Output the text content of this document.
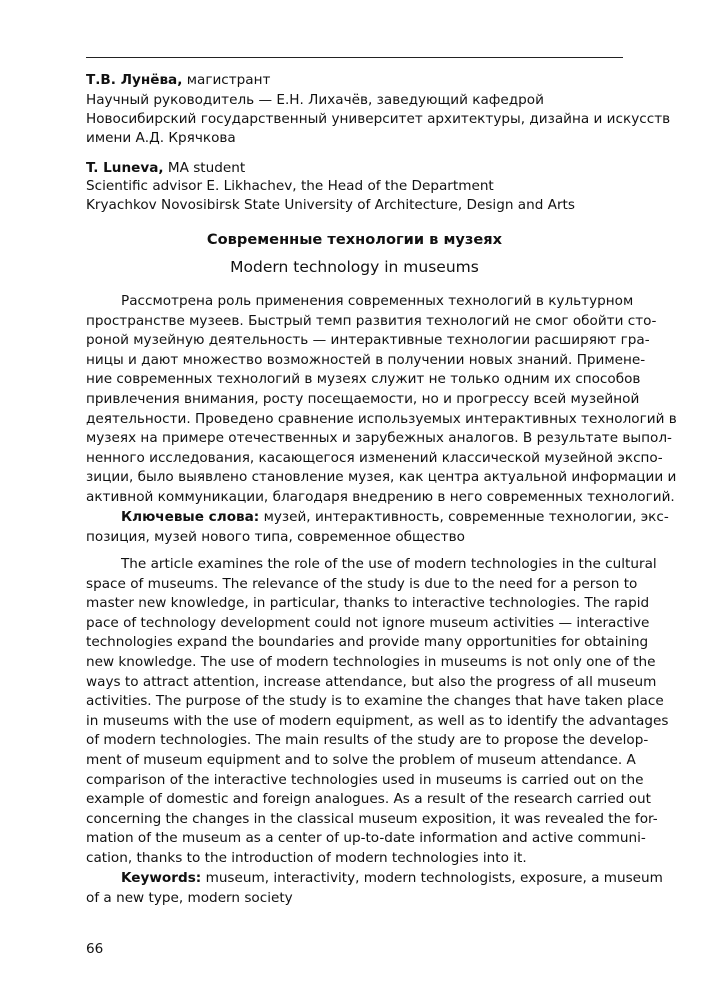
Т.В. Лунёва, магистрант
Научный руководитель — Е.Н. Лихачёв, заведующий кафедрой
Новосибирский государственный университет архитектуры, дизайна и искусств
имени А.Д. Крячкова
T. Luneva, MA student
Scientific advisor E. Likhachev, the Head of the Department
Kryachkov Novosibirsk State University of Architecture, Design and Arts
Современные технологии в музеях
Modern technology in museums
Рассмотрена роль применения современных технологий в культурном
пространстве музеев. Быстрый темп развития технологий не смог обойти сто-
роной музейную деятельность — интерактивные технологии расширяют гра-
ницы и дают множество возможностей в получении новых знаний. Примене-
ние современных технологий в музеях служит не только одним их способов
привлечения внимания, росту посещаемости, но и прогрессу всей музейной
деятельности. Проведено сравнение используемых интерактивных технологий в
музеях на примере отечественных и зарубежных аналогов. В результате выпол-
ненного исследования, касающегося изменений классической музейной экспо-
зиции, было выявлено становление музея, как центра актуальной информации и
активной коммуникации, благодаря внедрению в него современных технологий.
Ключевые слова: музей, интерактивность, современные технологии, экс-
позиция, музей нового типа, современное общество
The article examines the role of the use of modern technologies in the cultural
space of museums. The relevance of the study is due to the need for a person to
master new knowledge, in particular, thanks to interactive technologies. The rapid
pace of technology development could not ignore museum activities — interactive
technologies expand the boundaries and provide many opportunities for obtaining
new knowledge. The use of modern technologies in museums is not only one of the
ways to attract attention, increase attendance, but also the progress of all museum
activities. The purpose of the study is to examine the changes that have taken place
in museums with the use of modern equipment, as well as to identify the advantages
of modern technologies. The main results of the study are to propose the develop-
ment of museum equipment and to solve the problem of museum attendance. A
comparison of the interactive technologies used in museums is carried out on the
example of domestic and foreign analogues. As a result of the research carried out
concerning the changes in the classical museum exposition, it was revealed the for-
mation of the museum as a center of up-to-date information and active communi-
cation, thanks to the introduction of modern technologies into it.
Keywords: museum, interactivity, modern technologists, exposure, a museum
of a new type, modern society
66
